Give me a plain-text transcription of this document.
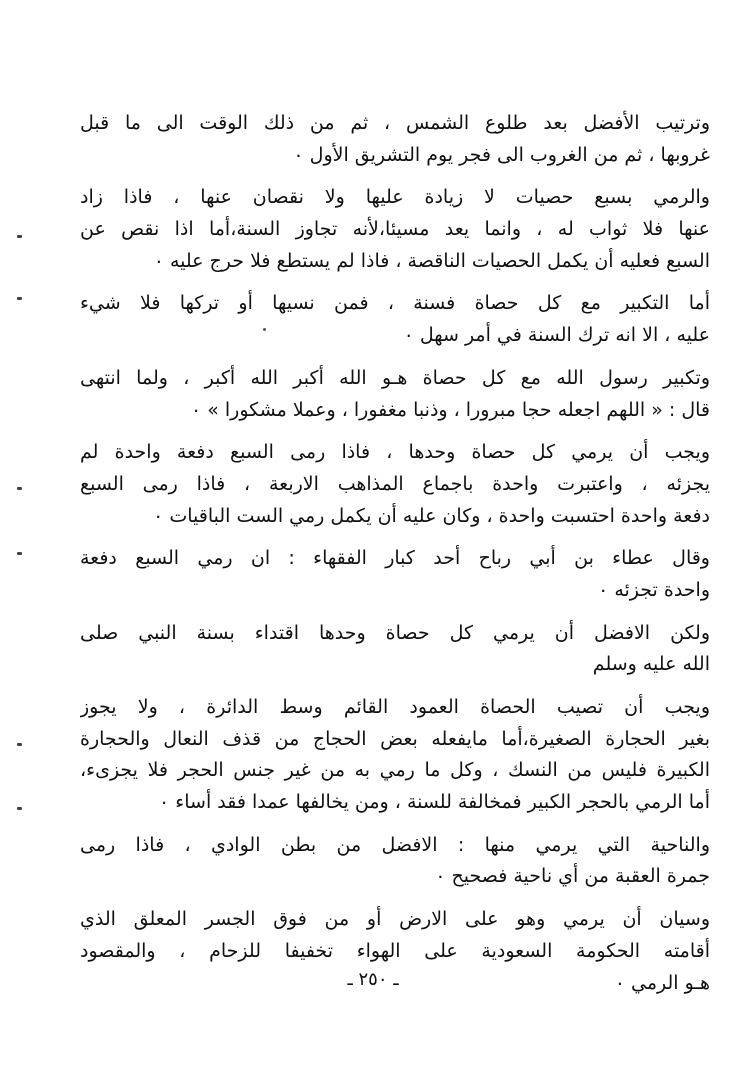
وترتيب الأفضل بعد طلوع الشمس ، ثم من ذلك الوقت الى ما قبل
غروبها ، ثم من الغروب الى فجر يوم التشريق الأول ٠
والرمي بسبع حصيات لا زيادة عليها ولا نقصان عنها ، فاذا زاد
عنها فلا ثواب له ، وانما يعد مسيئا،لأنه تجاوز السنة،أما اذا نقص عن
السبع فعليه أن يكمل الحصيات الناقصة ، فاذا لم يستطع فلا حرج عليه ٠
أما التكبير مع كل حصاة فسنة ، فمن نسيها أو تركها فلا شيء
عليه ، الا انه ترك السنة في أمر سهل ٠
وتكبير رسول الله مع كل حصاة هـو الله أكبر الله أكبر ، ولما انتهى
قال : « اللهم اجعله حجا مبرورا ، وذنبا مغفورا ، وعملا مشكورا » ٠
ويجب أن يرمي كل حصاة وحدها ، فاذا رمى السبع دفعة واحدة لم
يجزئه ، واعتبرت واحدة باجماع المذاهب الاربعة ، فاذا رمى السبع
دفعة واحدة احتسبت واحدة ، وكان عليه أن يكمل رمي الست الباقيات ٠
وقال عطاء بن أبي رباح أحد كبار الفقهاء : ان رمي السبع دفعة
واحدة تجزئه ٠
ولكن الافضل أن يرمي كل حصاة وحدها اقتداء بسنة النبي صلى
الله عليه وسلم
ويجب أن تصيب الحصاة العمود القائم وسط الدائرة ، ولا يجوز
بغير الحجارة الصغيرة،أما مايفعله بعض الحجاج من قذف النعال والحجارة
الكبيرة فليس من النسك ، وكل ما رمي به من غير جنس الحجر فلا يجزىء،
أما الرمي بالحجر الكبير فمخالفة للسنة ، ومن يخالفها عمدا فقد أساء ٠
والناحية التي يرمي منها : الافضل من بطن الوادي ، فاذا رمى
جمرة العقبة من أي ناحية فصحيح ٠
وسيان أن يرمي وهو على الارض أو من فوق الجسر المعلق الذي
أقامته الحكومة السعودية على الهواء تخفيفا للزحام ، والمقصود
هـو الرمي ٠
ـ ٢٥٠ ـ
